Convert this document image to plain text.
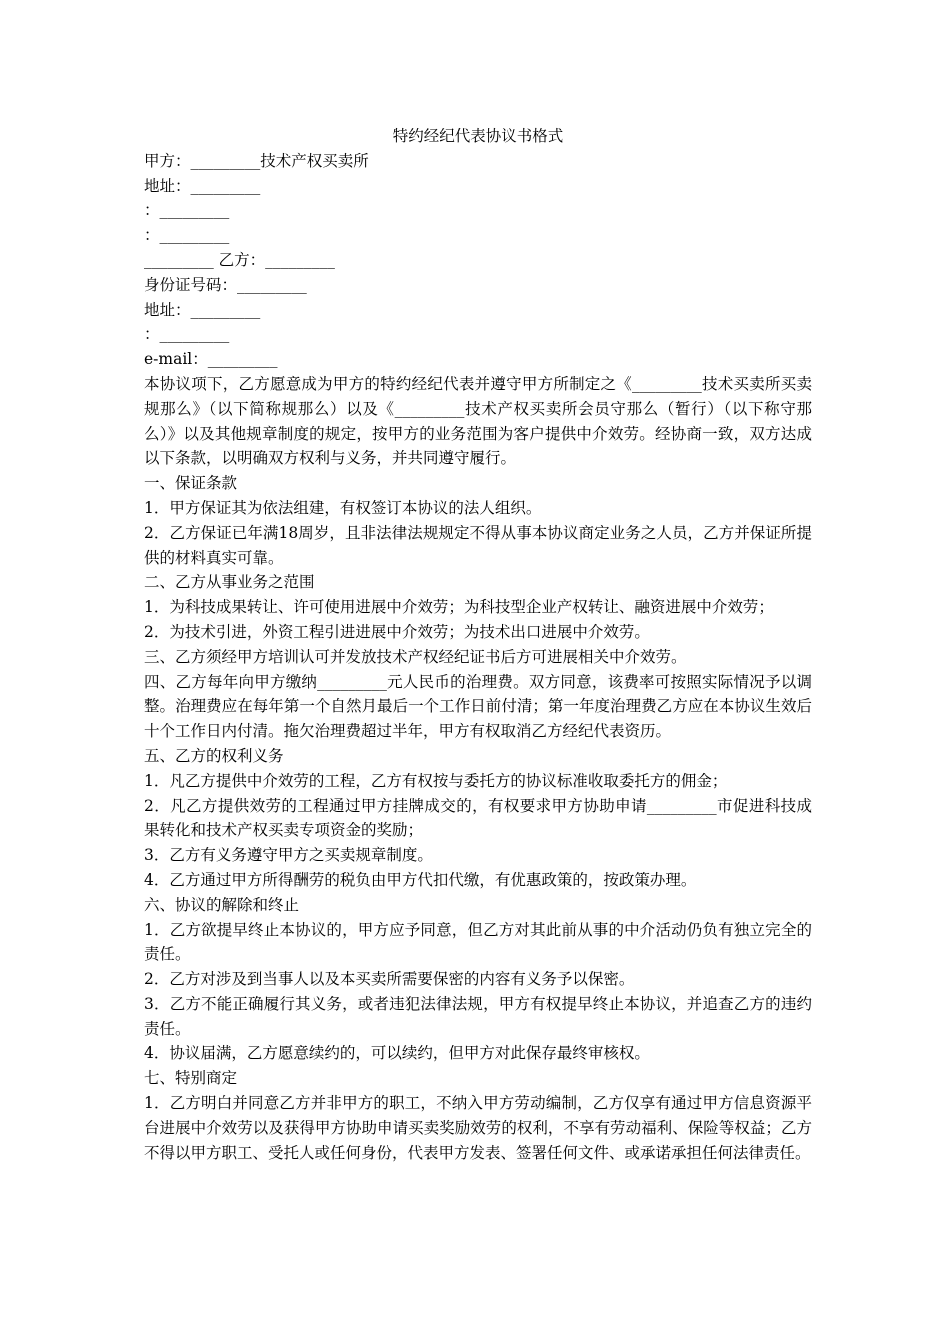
特约经纪代表协议书格式

甲方：_________技术产权买卖所

地址：_________

：_________

：_________

_________ 乙方：_________

身份证号码：_________

地址：_________

：_________

e-mail：_________

本协议项下，乙方愿意成为甲方的特约经纪代表并遵守甲方所制定之《_________技术买卖所买卖规那么》（以下简称规那么）以及《_________技术产权买卖所会员守那么（暂行）（以下称守那么）》以及其他规章制度的规定，按甲方的业务范围为客户提供中介效劳。经协商一致，双方达成以下条款，以明确双方权利与义务，并共同遵守履行。

一、保证条款

1．甲方保证其为依法组建，有权签订本协议的法人组织。

2．乙方保证已年满18周岁，且非法律法规规定不得从事本协议商定业务之人员，乙方并保证所提供的材料真实可靠。

二、乙方从事业务之范围

1．为科技成果转让、许可使用进展中介效劳；为科技型企业产权转让、融资进展中介效劳；

2．为技术引进，外资工程引进进展中介效劳；为技术出口进展中介效劳。

三、乙方须经甲方培训认可并发放技术产权经纪证书后方可进展相关中介效劳。

四、乙方每年向甲方缴纳_________元人民币的治理费。双方同意，该费率可按照实际情况予以调整。治理费应在每年第一个自然月最后一个工作日前付清；第一年度治理费乙方应在本协议生效后十个工作日内付清。拖欠治理费超过半年，甲方有权取消乙方经纪代表资历。

五、乙方的权利义务

1．凡乙方提供中介效劳的工程，乙方有权按与委托方的协议标准收取委托方的佣金；

2．凡乙方提供效劳的工程通过甲方挂牌成交的，有权要求甲方协助申请_________市促进科技成果转化和技术产权买卖专项资金的奖励；

3．乙方有义务遵守甲方之买卖规章制度。

4．乙方通过甲方所得酬劳的税负由甲方代扣代缴，有优惠政策的，按政策办理。

六、协议的解除和终止

1．乙方欲提早终止本协议的，甲方应予同意，但乙方对其此前从事的中介活动仍负有独立完全的责任。

2．乙方对涉及到当事人以及本买卖所需要保密的内容有义务予以保密。

3．乙方不能正确履行其义务，或者违犯法律法规，甲方有权提早终止本协议，并追查乙方的违约责任。

4．协议届满，乙方愿意续约的，可以续约，但甲方对此保存最终审核权。

七、特别商定

1．乙方明白并同意乙方并非甲方的职工，不纳入甲方劳动编制，乙方仅享有通过甲方信息资源平台进展中介效劳以及获得甲方协助申请买卖奖励效劳的权利，不享有劳动福利、保险等权益；乙方不得以甲方职工、受托人或任何身份，代表甲方发表、签署任何文件、或承诺承担任何法律责任。
